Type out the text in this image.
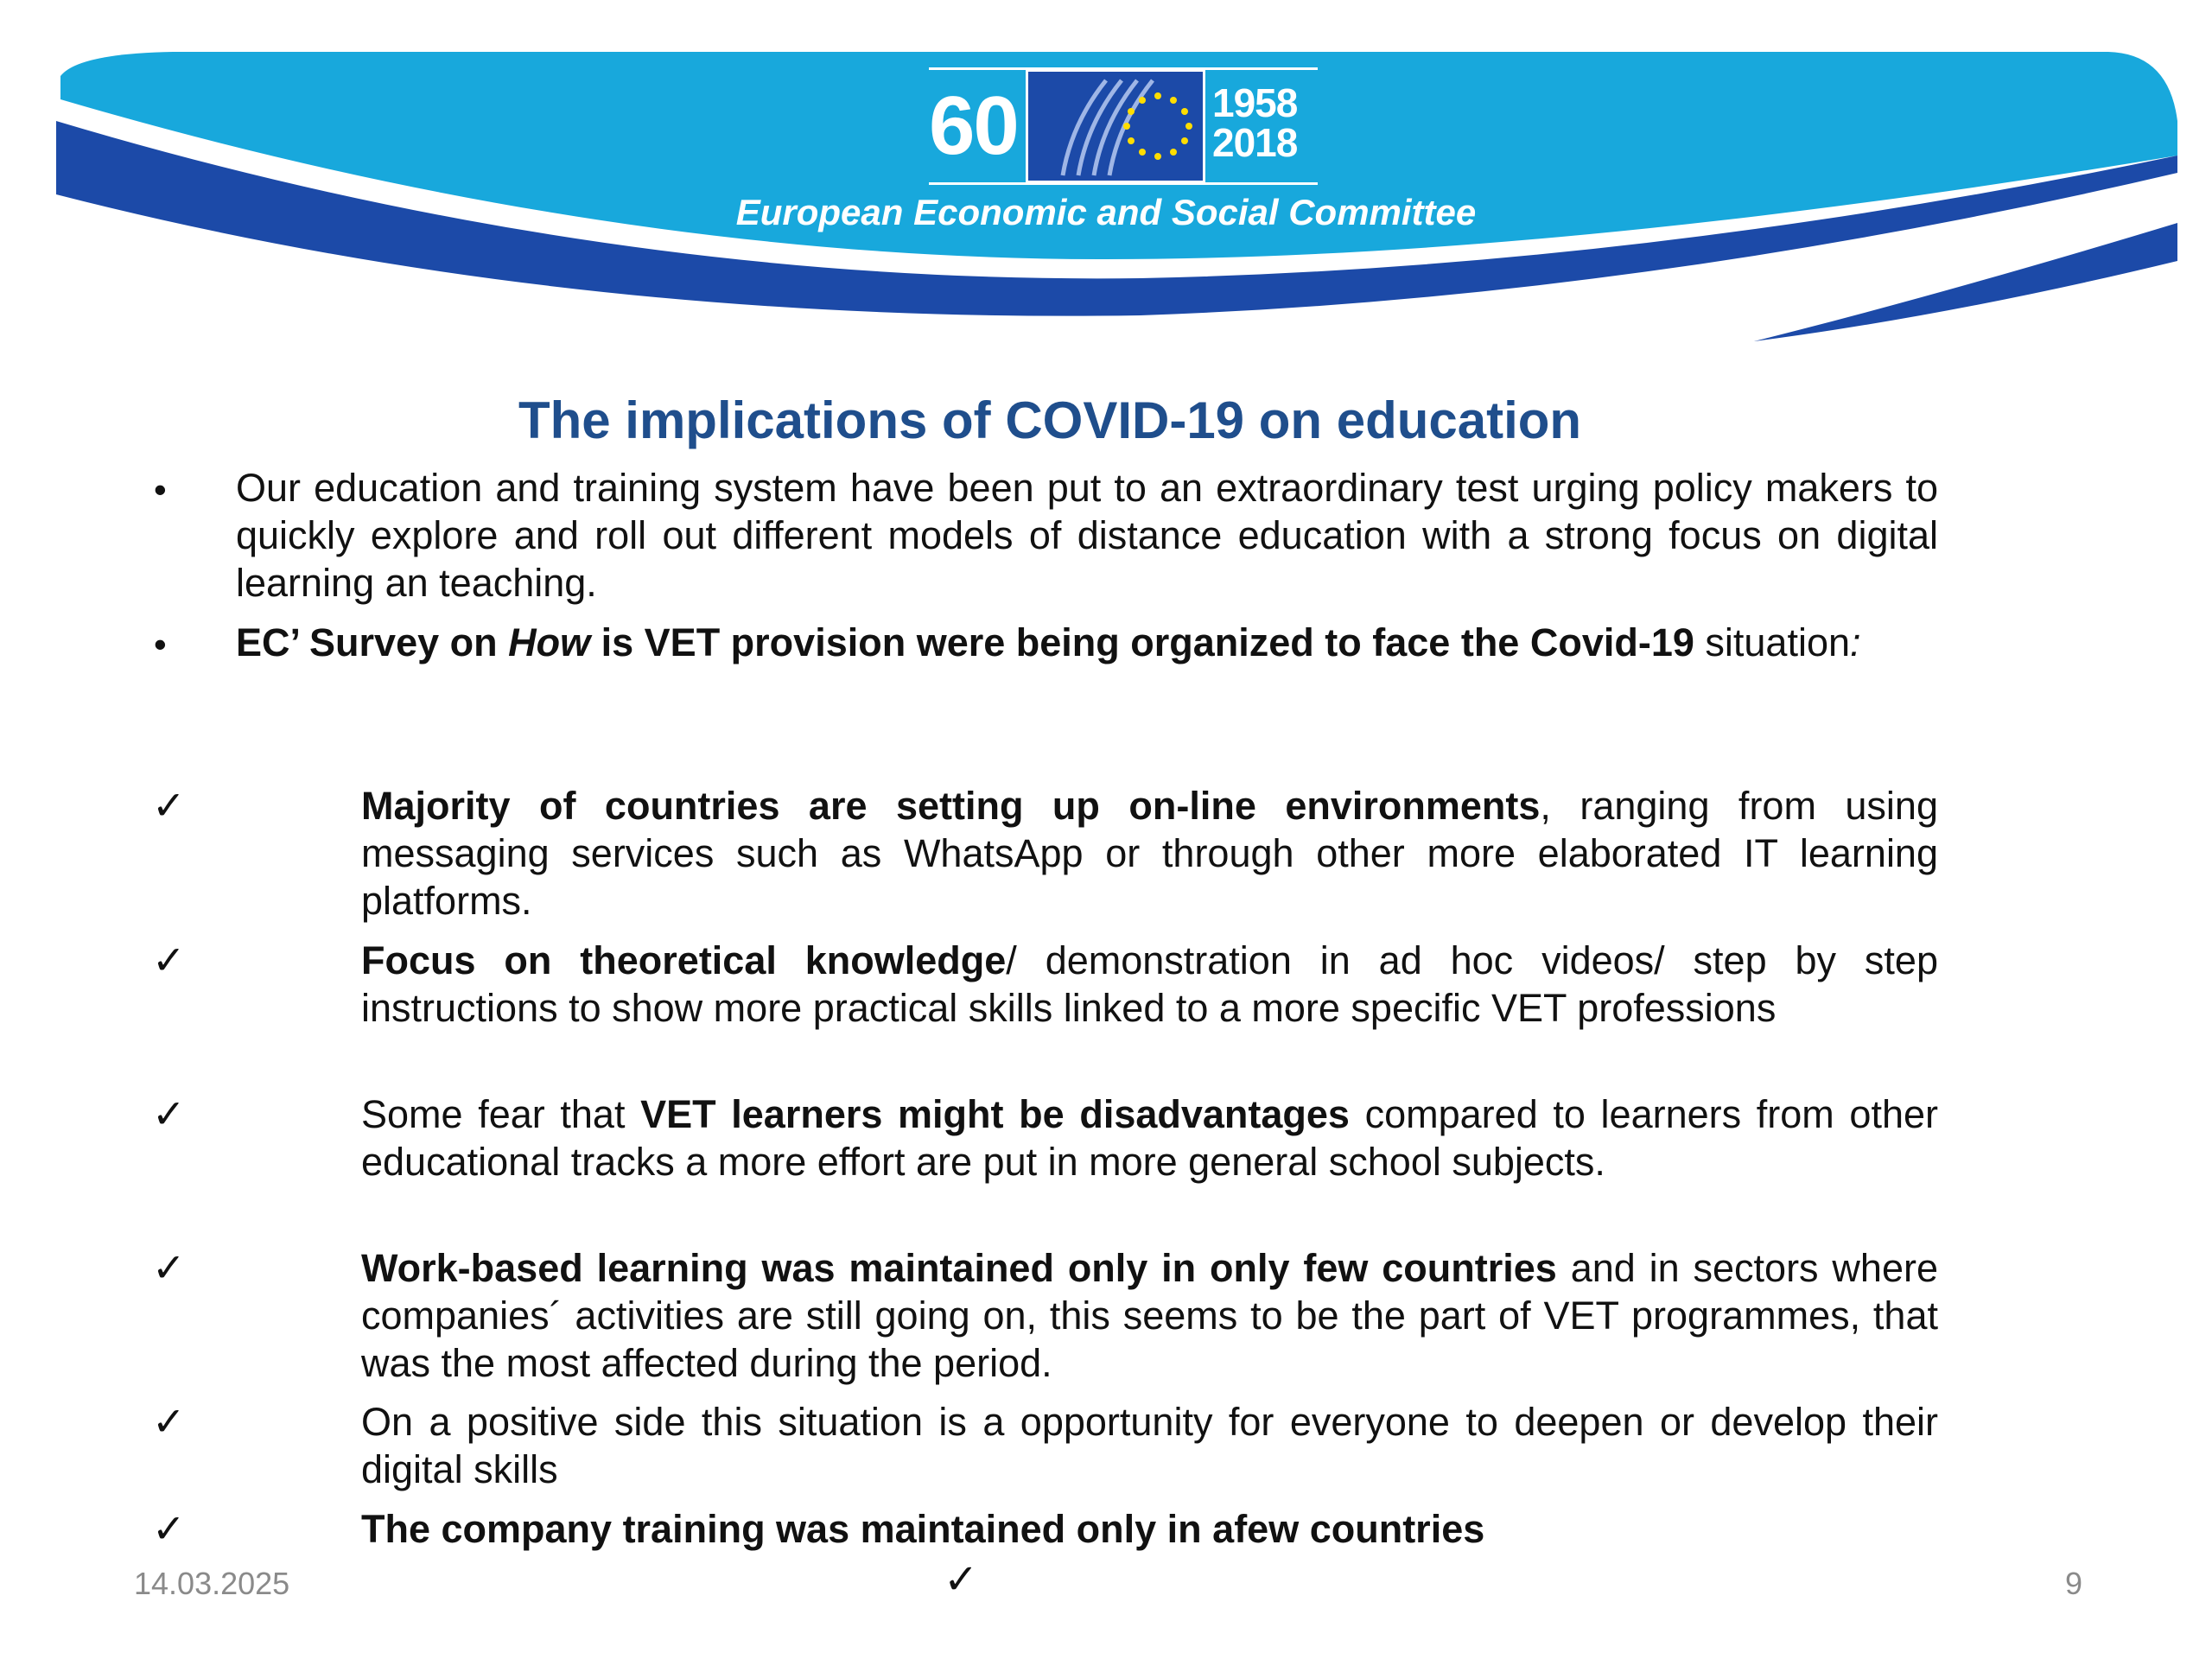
60	1958
2018
European Economic and Social Committee
The implications of COVID-19 on education
• Our education and training system have been put to an extraordinary test urging policy makers to quickly explore and roll out different models of distance education with a strong focus on digital learning an teaching.
• EC’ Survey on How is VET provision were being organized to face the Covid-19 situation:
✓	Majority of countries are setting up on-line environments, ranging from using messaging services such as WhatsApp or through other more elaborated IT learning platforms.
✓	Focus on theoretical knowledge/ demonstration in ad hoc videos/ step by step instructions to show more practical skills linked to a more specific VET professions
✓	Some fear that VET learners might be disadvantages compared to learners from other educational tracks a more effort are put in more general school subjects.
✓	Work-based learning was maintained only in only few countries and in sectors where companies´ activities are still going on, this seems to be the part of VET programmes, that was the most affected during the period.
✓	On a positive side this situation is a opportunity for everyone to deepen or develop their digital skills
✓	The company training was maintained only in afew countries
14.03.2025	✓	9
